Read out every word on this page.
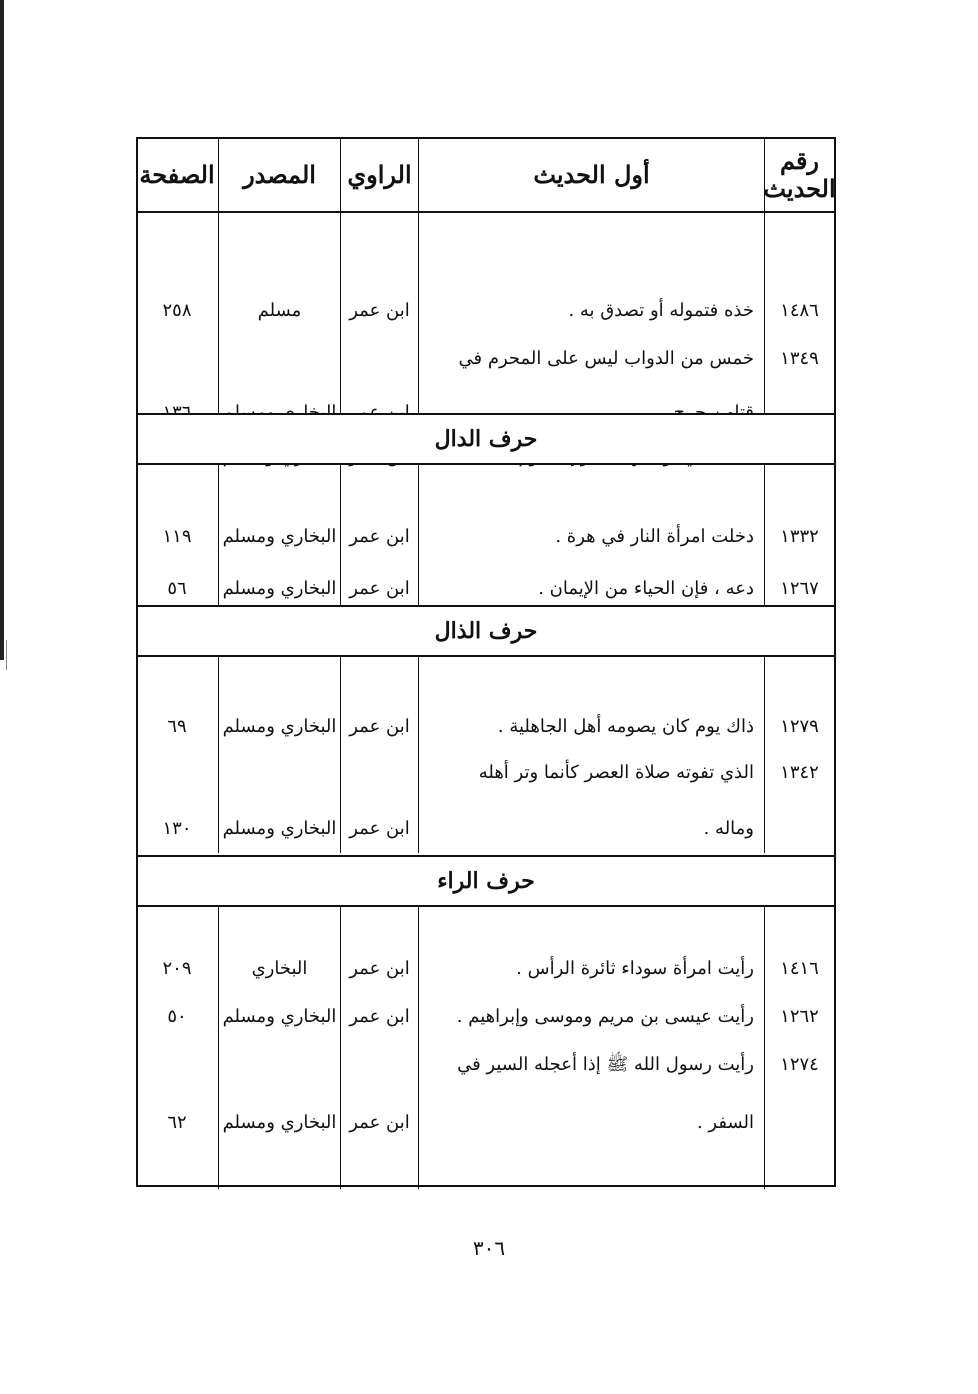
رقم الحديث
أول الحديث
الراوي
المصدر
الصفحة
١٤٨٦
١٣٤٩
خذه فتموله أو تصدق به .
خمس من الدواب ليس على المحرم في
ابن عمر
مسلم
٢٥٨
حرف الدال
١٣٣٢
١٢٦٧
دخلت امرأة النار في هرة .
دعه ، فإن الحياء من الإيمان .
ابن عمر
ابن عمر
البخاري ومسلم
البخاري ومسلم
١١٩
٥٦
حرف الذال
١٢٧٩
١٣٤٢
ذاك يوم كان يصومه أهل الجاهلية .
الذي تفوته صلاة العصر كأنما وتر أهله
وماله .
ابن عمر
ابن عمر
البخاري ومسلم
البخاري ومسلم
٦٩
١٣٠
حرف الراء
١٤١٦
١٢٦٢
١٢٧٤
رأيت امرأة سوداء ثائرة الرأس .
رأيت عيسى بن مريم وموسى وإبراهيم .
رأيت رسول الله ﷺ إذا أعجله السير في
السفر .
ابن عمر
ابن عمر
ابن عمر
البخاري
البخاري ومسلم
البخاري ومسلم
٢٠٩
٥٠
٦٢
٣٠٦
